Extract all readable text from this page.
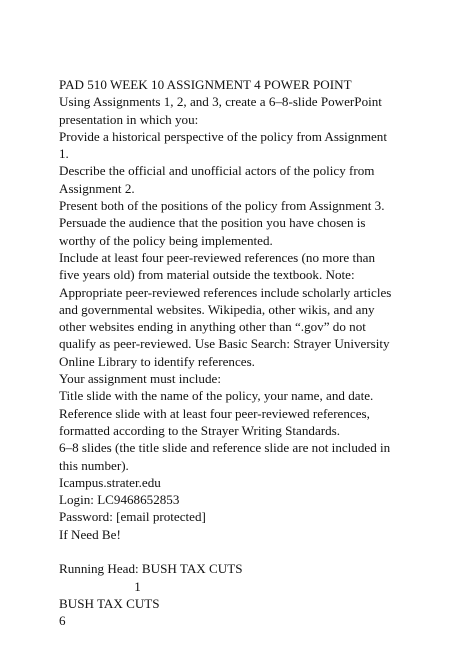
PAD 510 WEEK 10 ASSIGNMENT 4 POWER POINT
Using Assignments 1, 2, and 3, create a 6–8-slide PowerPoint
presentation in which you:
Provide a historical perspective of the policy from Assignment
1.
Describe the official and unofficial actors of the policy from
Assignment 2.
Present both of the positions of the policy from Assignment 3.
Persuade the audience that the position you have chosen is
worthy of the policy being implemented.
Include at least four peer-reviewed references (no more than
five years old) from material outside the textbook. Note:
Appropriate peer-reviewed references include scholarly articles
and governmental websites. Wikipedia, other wikis, and any
other websites ending in anything other than “.gov” do not
qualify as peer-reviewed. Use Basic Search: Strayer University
Online Library to identify references.
Your assignment must include:
Title slide with the name of the policy, your name, and date.
Reference slide with at least four peer-reviewed references,
formatted according to the Strayer Writing Standards.
6–8 slides (the title slide and reference slide are not included in
this number).
Icampus.strater.edu
Login: LC9468652853
Password: [email protected]
If Need Be!
Running Head: BUSH TAX CUTS
1
BUSH TAX CUTS
6
